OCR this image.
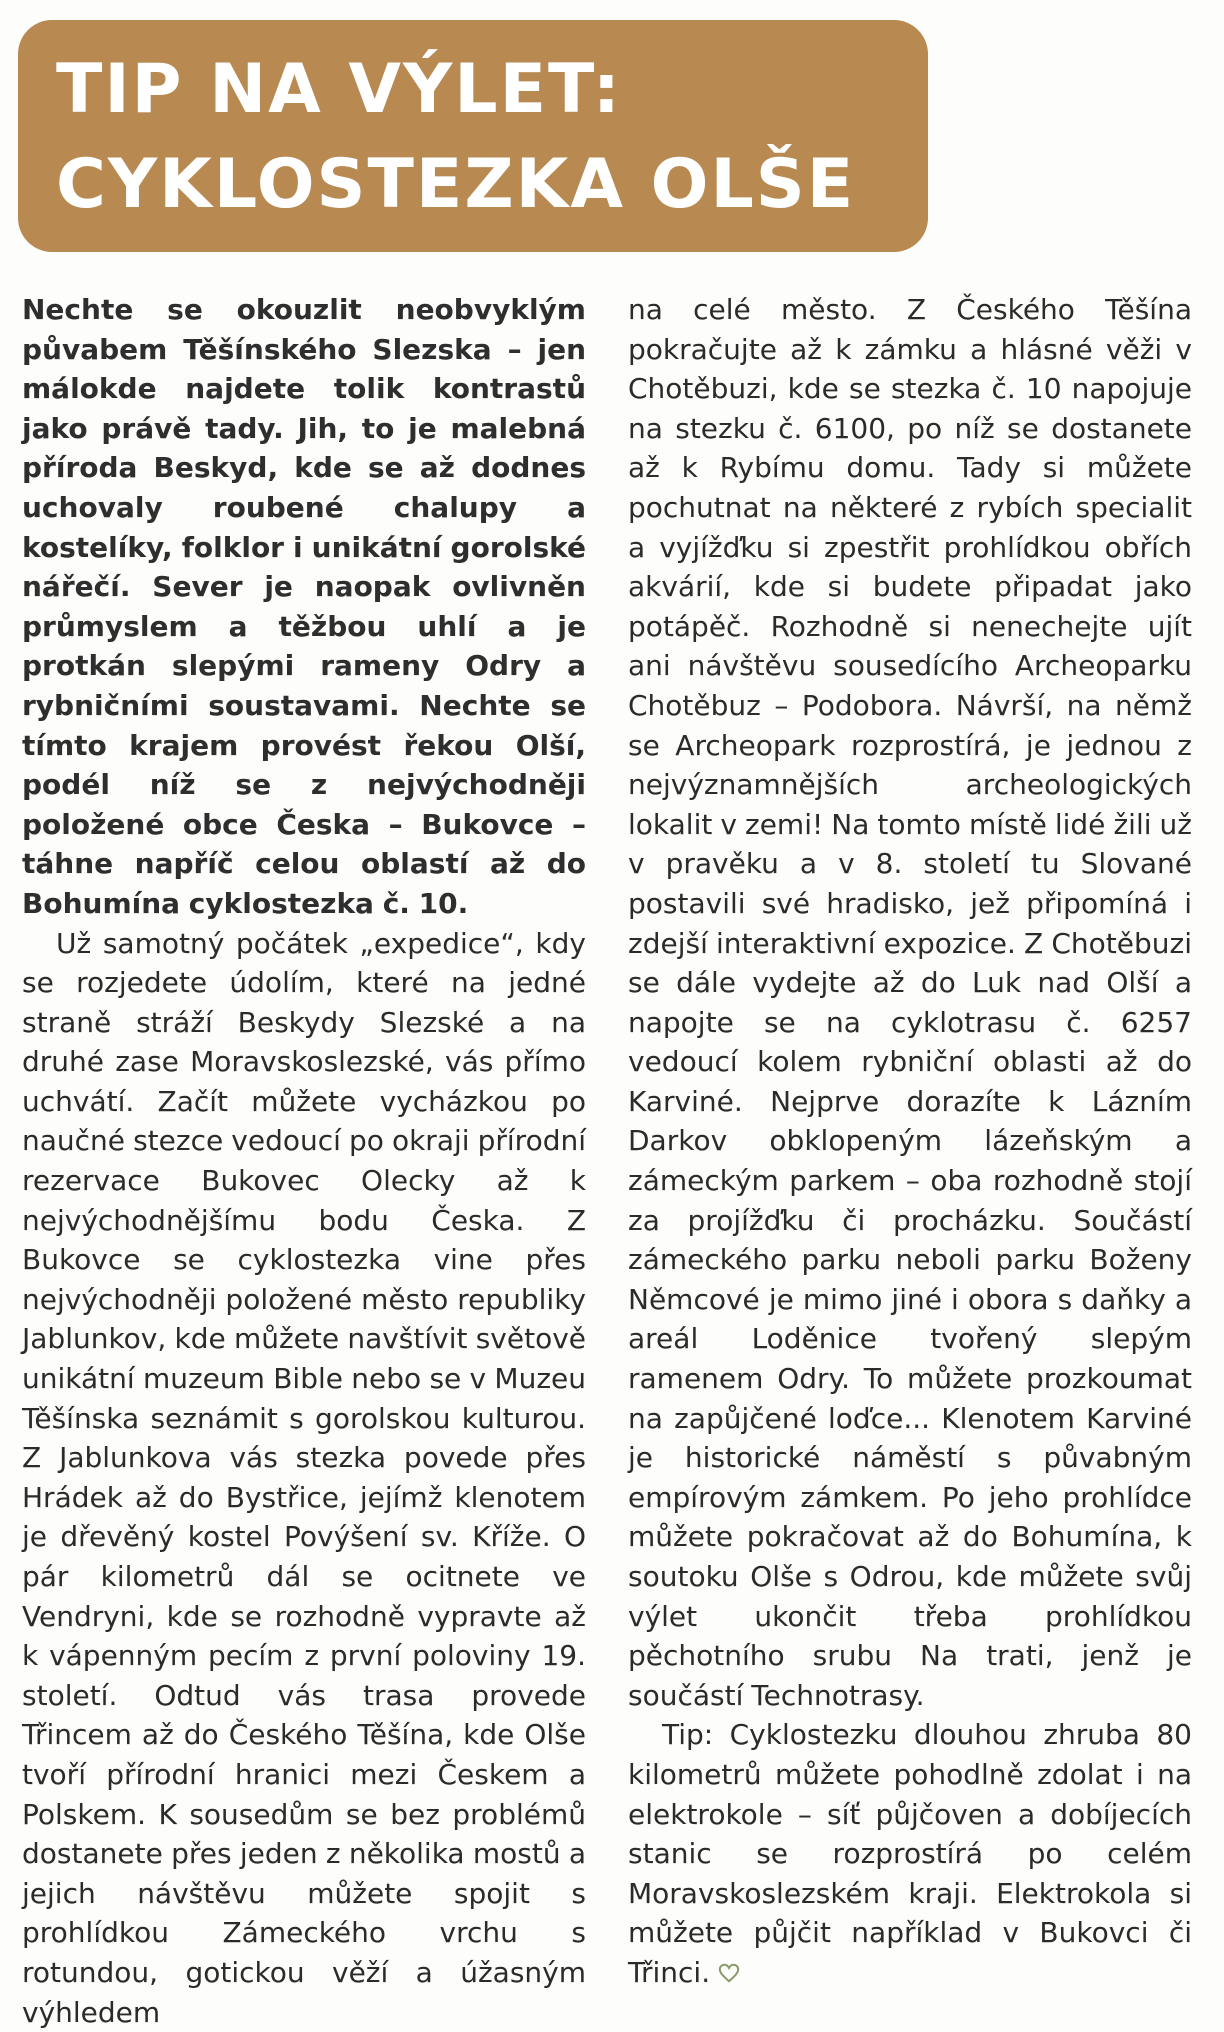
TIP NA VÝLET:
CYKLOSTEZKA OLŠE

Nechte se okouzlit neobvyklým půvabem Těšínského Slezska – jen málokde najdete tolik kontrastů jako právě tady. Jih, to je malebná příroda Beskyd, kde se až dodnes uchovaly roubené chalupy a kostelíky, folklor i unikátní gorolské nářečí. Sever je naopak ovlivněn průmyslem a těžbou uhlí a je protkán slepými rameny Odry a rybničními soustavami. Nechte se tímto krajem provést řekou Olší, podél níž se z nejvýchodněji položené obce Česka – Bukovce – táhne napříč celou oblastí až do Bohumína cyklostezka č. 10.

Už samotný počátek „expedice“, kdy se rozjedete údolím, které na jedné straně stráží Beskydy Slezské a na druhé zase Moravskoslezské, vás přímo uchvátí. Začít můžete vycházkou po naučné stezce vedoucí po okraji přírodní rezervace Bukovec Olecky až k nejvýchodnějšímu bodu Česka. Z Bukovce se cyklostezka vine přes nejvýchodněji položené město republiky Jablunkov, kde můžete navštívit světově unikátní muzeum Bible nebo se v Muzeu Těšínska seznámit s gorolskou kulturou. Z Jablunkova vás stezka povede přes Hrádek až do Bystřice, jejímž klenotem je dřevěný kostel Povýšení sv. Kříže. O pár kilometrů dál se ocitnete ve Vendryni, kde se rozhodně vypravte až k vápenným pecím z první poloviny 19. století. Odtud vás trasa provede Třincem až do Českého Těšína, kde Olše tvoří přírodní hranici mezi Českem a Polskem. K sousedům se bez problémů dostanete přes jeden z několika mostů a jejich návštěvu můžete spojit s prohlídkou Zámeckého vrchu s rotundou, gotickou věží a úžasným výhledem

na celé město. Z Českého Těšína pokračujte až k zámku a hlásné věži v Chotěbuzi, kde se stezka č. 10 napojuje na stezku č. 6100, po níž se dostanete až k Rybímu domu. Tady si můžete pochutnat na některé z rybích specialit a vyjížďku si zpestřit prohlídkou obřích akvárií, kde si budete připadat jako potápěč. Rozhodně si nenechejte ujít ani návštěvu sousedícího Archeoparku Chotěbuz – Podobora. Návrší, na němž se Archeopark rozprostírá, je jednou z nejvýznamnějších archeologických lokalit v zemi! Na tomto místě lidé žili už v pravěku a v 8. století tu Slované postavili své hradisko, jež připomíná i zdejší interaktivní expozice. Z Chotěbuzi se dále vydejte až do Luk nad Olší a napojte se na cyklotrasu č. 6257 vedoucí kolem rybniční oblasti až do Karviné. Nejprve dorazíte k Lázním Darkov obklopeným lázeňským a zámeckým parkem – oba rozhodně stojí za projížďku či procházku. Součástí zámeckého parku neboli parku Boženy Němcové je mimo jiné i obora s daňky a areál Loděnice tvořený slepým ramenem Odry. To můžete prozkoumat na zapůjčené loďce... Klenotem Karviné je historické náměstí s půvabným empírovým zámkem. Po jeho prohlídce můžete pokračovat až do Bohumína, k soutoku Olše s Odrou, kde můžete svůj výlet ukončit třeba prohlídkou pěchotního srubu Na trati, jenž je součástí Technotrasy.

Tip: Cyklostezku dlouhou zhruba 80 kilometrů můžete pohodlně zdolat i na elektrokole – síť půjčoven a dobíjecích stanic se rozprostírá po celém Moravskoslezském kraji. Elektrokola si můžete půjčit například v Bukovci či Třinci.
